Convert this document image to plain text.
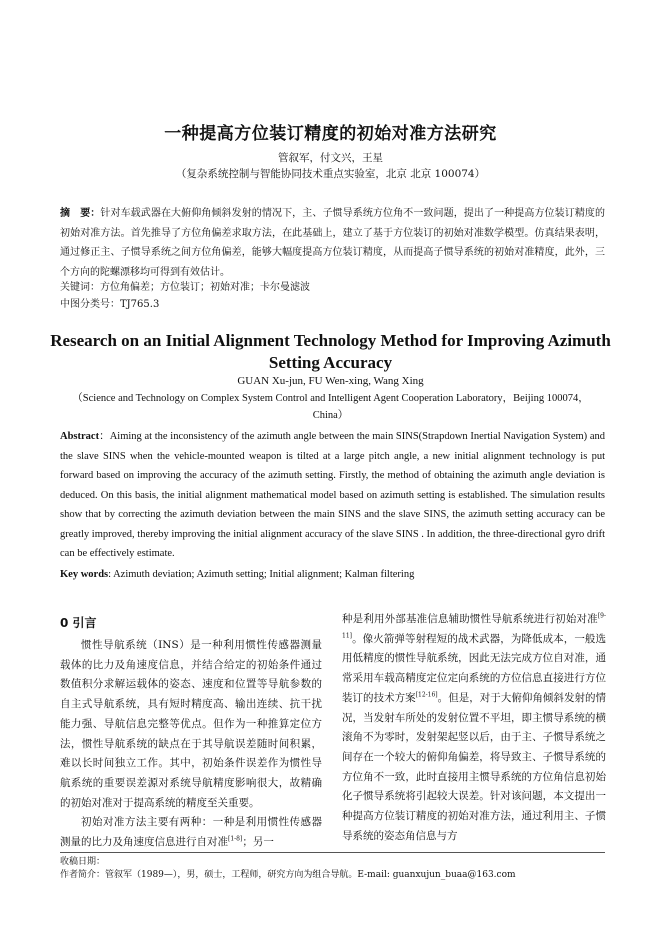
一种提高方位装订精度的初始对准方法研究
管叙军，付文兴，王星
（复杂系统控制与智能协同技术重点实验室，北京 北京 100074）
摘　要：针对车载武器在大俯仰角倾斜发射的情况下，主、子惯导系统方位角不一致问题，提出了一种提高方位装订精度的初始对准方法。首先推导了方位角偏差求取方法，在此基础上，建立了基于方位装订的初始对准数学模型。仿真结果表明，通过修正主、子惯导系统之间方位角偏差，能够大幅度提高方位装订精度，从而提高子惯导系统的初始对准精度，此外，三个方向的陀螺漂移均可得到有效估计。
关键词：方位角偏差；方位装订；初始对准；卡尔曼滤波
中图分类号：TJ765.3
Research on an Initial Alignment Technology Method for Improving Azimuth Setting Accuracy
GUAN Xu-jun, FU Wen-xing, Wang Xing
（Science and Technology on Complex System Control and Intelligent Agent Cooperation Laboratory，Beijing 100074，China）
Abstract：Aiming at the inconsistency of the azimuth angle between the main SINS(Strapdown Inertial Navigation System) and the slave SINS when the vehicle-mounted weapon is tilted at a large pitch angle, a new initial alignment technology is put forward based on improving the accuracy of the azimuth setting. Firstly, the method of obtaining the azimuth angle deviation is deduced. On this basis, the initial alignment mathematical model based on azimuth setting is established. The simulation results show that by correcting the azimuth deviation between the main SINS and the slave SINS, the azimuth setting accuracy can be greatly improved, thereby improving the initial alignment accuracy of the slave SINS . In addition, the three-directional gyro drift can be effectively estimate.
Key words: Azimuth deviation; Azimuth setting; Initial alignment; Kalman filtering
0 引言

惯性导航系统（INS）是一种利用惯性传感器测量载体的比力及角速度信息，并结合给定的初始条件通过数值积分求解运载体的姿态、速度和位置等导航参数的自主式导航系统，具有短时精度高、输出连续、抗干扰能力强、导航信息完整等优点。但作为一种推算定位方法，惯性导航系统的缺点在于其导航误差随时间积累，难以长时间独立工作。其中，初始条件误差作为惯性导航系统的重要误差源对系统导航精度影响很大，故精确的初始对准对于提高系统的精度至关重要。

初始对准方法主要有两种：一种是利用惯性传感器测量的比力及角速度信息进行自对准[1-8]；另一

种是利用外部基准信息辅助惯性导航系统进行初始对准[9-11]。像火箭弹等射程短的战术武器，为降低成本，一般选用低精度的惯性导航系统，因此无法完成方位自对准，通常采用车载高精度定位定向系统的方位信息直接进行方位装订的技术方案[12-16]。但是，对于大俯仰角倾斜发射的情况，当发射车所处的发射位置不平坦，即主惯导系统的横滚角不为零时，发射架起竖以后，由于主、子惯导系统之间存在一个较大的俯仰角偏差，将导致主、子惯导系统的方位角不一致，此时直接用主惯导系统的方位角信息初始化子惯导系统将引起较大误差。针对该问题，本文提出一种提高方位装订精度的初始对准方法，通过利用主、子惯导系统的姿态角信息与方

收稿日期：
作者简介：管叙军（1989—），男，硕士，工程师，研究方向为组合导航。E-mail: guanxujun_buaa@163.com
